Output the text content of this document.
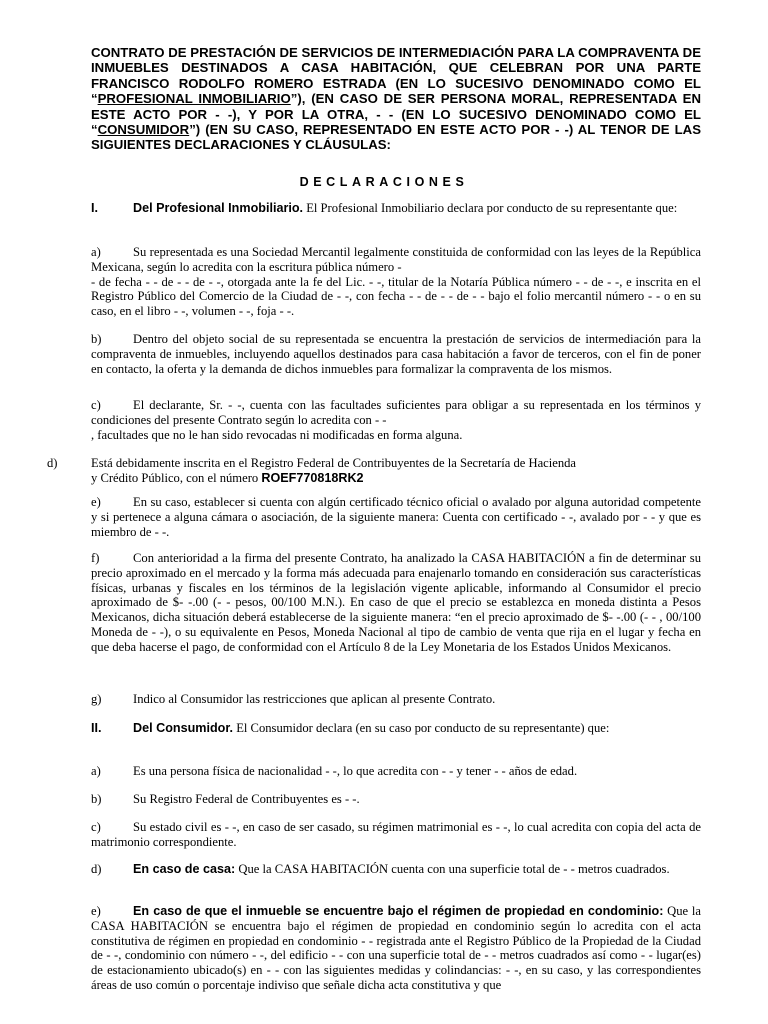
CONTRATO DE PRESTACIÓN DE SERVICIOS DE INTERMEDIACIÓN PARA LA COMPRAVENTA DE INMUEBLES DESTINADOS A CASA HABITACIÓN, QUE CELEBRAN POR UNA PARTE FRANCISCO RODOLFO ROMERO ESTRADA (EN LO SUCESIVO DENOMINADO COMO EL “PROFESIONAL INMOBILIARIO”), (EN CASO DE SER PERSONA MORAL, REPRESENTADA EN ESTE ACTO POR - -), Y POR LA OTRA, - - (EN LO SUCESIVO DENOMINADO COMO EL “CONSUMIDOR”) (EN SU CASO, REPRESENTADO EN ESTE ACTO POR - -) AL TENOR DE LAS SIGUIENTES DECLARACIONES Y CLÁUSULAS:

DECLARACIONES

I.	Del Profesional Inmobiliario. El Profesional Inmobiliario declara por conducto de su representante que:

a)	Su representada es una Sociedad Mercantil legalmente constituida de conformidad con las leyes de la República Mexicana, según lo acredita con la escritura pública número -
- de fecha - - de - - de - -, otorgada ante la fe del Lic. - -, titular de la Notaría Pública número - - de - -, e inscrita en el Registro Público del Comercio de la Ciudad de - -, con fecha - - de - - de - - bajo el folio mercantil número - - o en su caso, en el libro - -, volumen - -, foja - -.

b)	Dentro del objeto social de su representada se encuentra la prestación de servicios de intermediación para la compraventa de inmuebles, incluyendo aquellos destinados para casa habitación a favor de terceros, con el fin de poner en contacto, la oferta y la demanda de dichos inmuebles para formalizar la compraventa de los mismos.

c)	El declarante, Sr. - -, cuenta con las facultades suficientes para obligar a su representada en los términos y condiciones del presente Contrato según lo acredita con - -
, facultades que no le han sido revocadas ni modificadas en forma alguna.

d)	Está debidamente inscrita en el Registro Federal de Contribuyentes de la Secretaría de Hacienda
y Crédito Público, con el número ROEF770818RK2

e)	En su caso, establecer si cuenta con algún certificado técnico oficial o avalado por alguna autoridad competente y si pertenece a alguna cámara o asociación, de la siguiente manera: Cuenta con certificado - -, avalado por - - y que es miembro de - -.

f)	Con anterioridad a la firma del presente Contrato, ha analizado la CASA HABITACIÓN a fin de determinar su precio aproximado en el mercado y la forma más adecuada para enajenarlo tomando en consideración sus características físicas, urbanas y fiscales en los términos de la legislación vigente aplicable, informando al Consumidor el precio aproximado de $- -.00 (- - pesos, 00/100 M.N.). En caso de que el precio se establezca en moneda distinta a Pesos Mexicanos, dicha situación deberá establecerse de la siguiente manera: “en el precio aproximado de $- -.00 (- - , 00/100 Moneda de - -), o su equivalente en Pesos, Moneda Nacional al tipo de cambio de venta que rija en el lugar y fecha en que deba hacerse el pago, de conformidad con el Artículo 8 de la Ley Monetaria de los Estados Unidos Mexicanos.

g)	Indico al Consumidor las restricciones que aplican al presente Contrato.

II.	Del Consumidor. El Consumidor declara (en su caso por conducto de su representante) que:

a)	Es una persona física de nacionalidad - -, lo que acredita con - - y tener - - años de edad.

b)	Su Registro Federal de Contribuyentes es - -.

c)	Su estado civil es - -, en caso de ser casado, su régimen matrimonial es - -, lo cual acredita con copia del acta de matrimonio correspondiente.

d)	En caso de casa: Que la CASA HABITACIÓN cuenta con una superficie total de - - metros cuadrados.

e)	En caso de que el inmueble se encuentre bajo el régimen de propiedad en condominio: Que la CASA HABITACIÓN se encuentra bajo el régimen de propiedad en condominio según lo acredita con el acta constitutiva de régimen en propiedad en condominio - - registrada ante el Registro Público de la Propiedad de la Ciudad de - -, condominio con número - -, del edificio - - con una superficie total de - - metros cuadrados así como - - lugar(es) de estacionamiento ubicado(s) en - - con las siguientes medidas y colindancias: - -, en su caso, y las correspondientes áreas de uso común o porcentaje indiviso que señale dicha acta constitutiva y que
